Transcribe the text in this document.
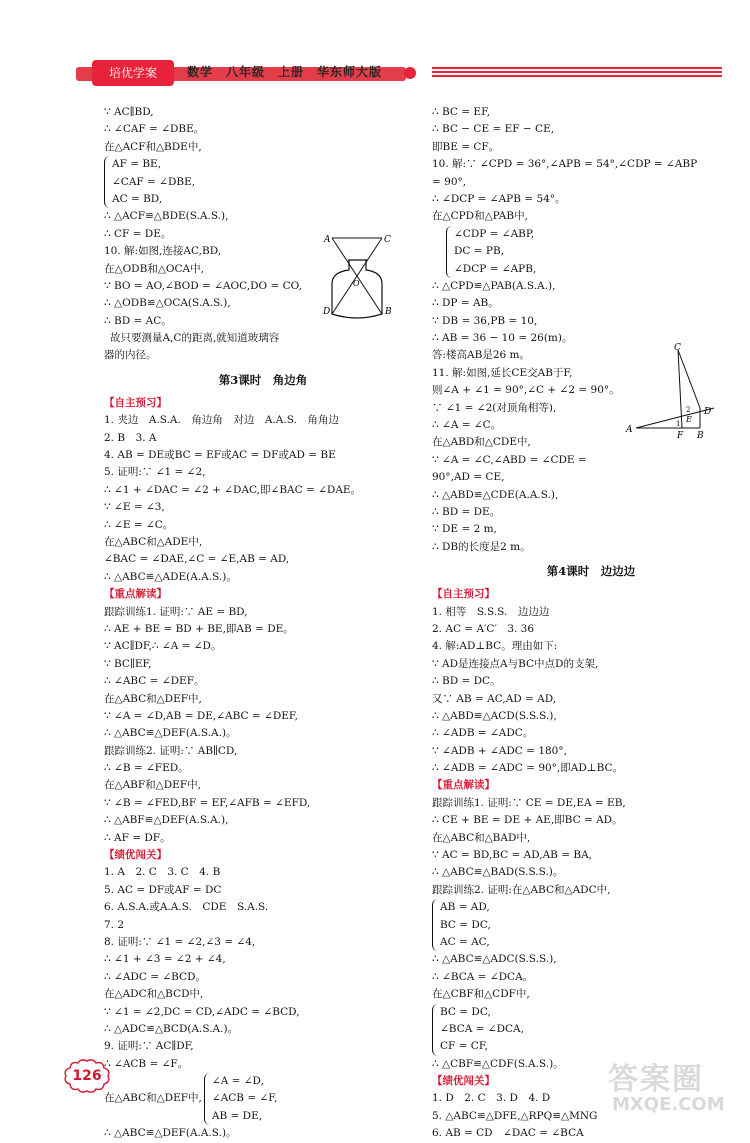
培优学案	数学　八年级　上册　华东师大版
∵ AC∥BD,
∴ ∠CAF = ∠DBE。
在△ACF和△BDE中,
AF = BE,
∠CAF = ∠DBE,
AC = BD,
∴ △ACF≌△BDE(S.A.S.),
∴ CF = DE。
10. 解:如图,连接AC,BD,
在△ODB和△OCA中,
∵ BO = AO,∠BOD = ∠AOC,DO = CO,
∴ △ODB≌△OCA(S.A.S.),
∴ BD = AC。
故只要测量A,C的距离,就知道玻璃容
器的内径。
第3课时　角边角
【自主预习】
1. 夹边　A.S.A.　角边角　对边　A.A.S.　角角边
2. B　3. A
4. AB = DE或BC = EF或AC = DF或AD = BE
5. 证明:∵ ∠1 = ∠2,
∴ ∠1 + ∠DAC = ∠2 + ∠DAC,即∠BAC = ∠DAE。
∵ ∠E = ∠3,
∴ ∠E = ∠C。
在△ABC和△ADE中,
∠BAC = ∠DAE,∠C = ∠E,AB = AD,
∴ △ABC≌△ADE(A.A.S.)。
【重点解读】
跟踪训练1. 证明:∵ AE = BD,
∴ AE + BE = BD + BE,即AB = DE。
∵ AC∥DF,∴ ∠A = ∠D。
∵ BC∥EF,
∴ ∠ABC = ∠DEF。
在△ABC和△DEF中,
∵ ∠A = ∠D,AB = DE,∠ABC = ∠DEF,
∴ △ABC≌△DEF(A.S.A.)。
跟踪训练2. 证明:∵ AB∥CD,
∴ ∠B = ∠FED。
在△ABF和△DEF中,
∵ ∠B = ∠FED,BF = EF,∠AFB = ∠EFD,
∴ △ABF≌△DEF(A.S.A.),
∴ AF = DF。
【绩优闯关】
1. A　2. C　3. C　4. B
5. AC = DF或AF = DC
6. A.S.A.或A.A.S.　CDE　S.A.S.
7. 2
8. 证明:∵ ∠1 = ∠2,∠3 = ∠4,
∴ ∠1 + ∠3 = ∠2 + ∠4,
∴ ∠ADC = ∠BCD。
在△ADC和△BCD中,
∵ ∠1 = ∠2,DC = CD,∠ADC = ∠BCD,
∴ △ADC≌△BCD(A.S.A.)。
9. 证明:∵ AC∥DF,
∴ ∠ACB = ∠F。
在△ABC和△DEF中,
∠A = ∠D,
∠ACB = ∠F,
AB = DE,
∴ △ABC≌△DEF(A.A.S.)。
A	C
O
D	B
∴ BC = EF,
∴ BC − CE = EF − CE,
即BE = CF。
10. 解:∵ ∠CPD = 36°,∠APB = 54°,∠CDP = ∠ABP
= 90°,
∴ ∠DCP = ∠APB = 54°。
在△CPD和△PAB中,
∠CDP = ∠ABP,
DC = PB,
∠DCP = ∠APB,
∴ △CPD≌△PAB(A.S.A.),
∴ DP = AB。
∵ DB = 36,PB = 10,
∴ AB = 36 − 10 = 26(m)。
答:楼高AB是26 m。
11. 解:如图,延长CE交AB于F,
则∠A + ∠1 = 90°,∠C + ∠2 = 90°。
∵ ∠1 = ∠2(对顶角相等),
∴ ∠A = ∠C。
在△ABD和△CDE中,
∵ ∠A = ∠C,∠ABD = ∠CDE =
90°,AD = CE,
∴ △ABD≌△CDE(A.A.S.),
∴ BD = DE。
∵ DE = 2 m,
∴ DB的长度是2 m。
第4课时　边边边
【自主预习】
1. 相等　S.S.S.　边边边
2. AC = A′C′　3. 36
4. 解:AD⊥BC。理由如下:
∵ AD是连接点A与BC中点D的支架,
∴ BD = DC。
又∵ AB = AC,AD = AD,
∴ △ABD≌△ACD(S.S.S.),
∴ ∠ADB = ∠ADC。
∵ ∠ADB + ∠ADC = 180°,
∴ ∠ADB = ∠ADC = 90°,即AD⊥BC。
【重点解读】
跟踪训练1. 证明:∵ CE = DE,EA = EB,
∴ CE + BE = DE + AE,即BC = AD。
在△ABC和△BAD中,
∵ AC = BD,BC = AD,AB = BA,
∴ △ABC≌△BAD(S.S.S.)。
跟踪训练2. 证明:在△ABC和△ADC中,
AB = AD,
BC = DC,
AC = AC,
∴ △ABC≌△ADC(S.S.S.),
∴ ∠BCA = ∠DCA。
在△CBF和△CDF中,
BC = DC,
∠BCA = ∠DCA,
CF = CF,
∴ △CBF≌△CDF(S.A.S.)。
【绩优闯关】
1. D　2. C　3. D　4. D
5. △ABC≌△DFE,△RPQ≌△MNG
6. AB = CD　∠DAC = ∠BCA
C
A
F B
D
E
1
2
126	答案圈
MXQE.COM
